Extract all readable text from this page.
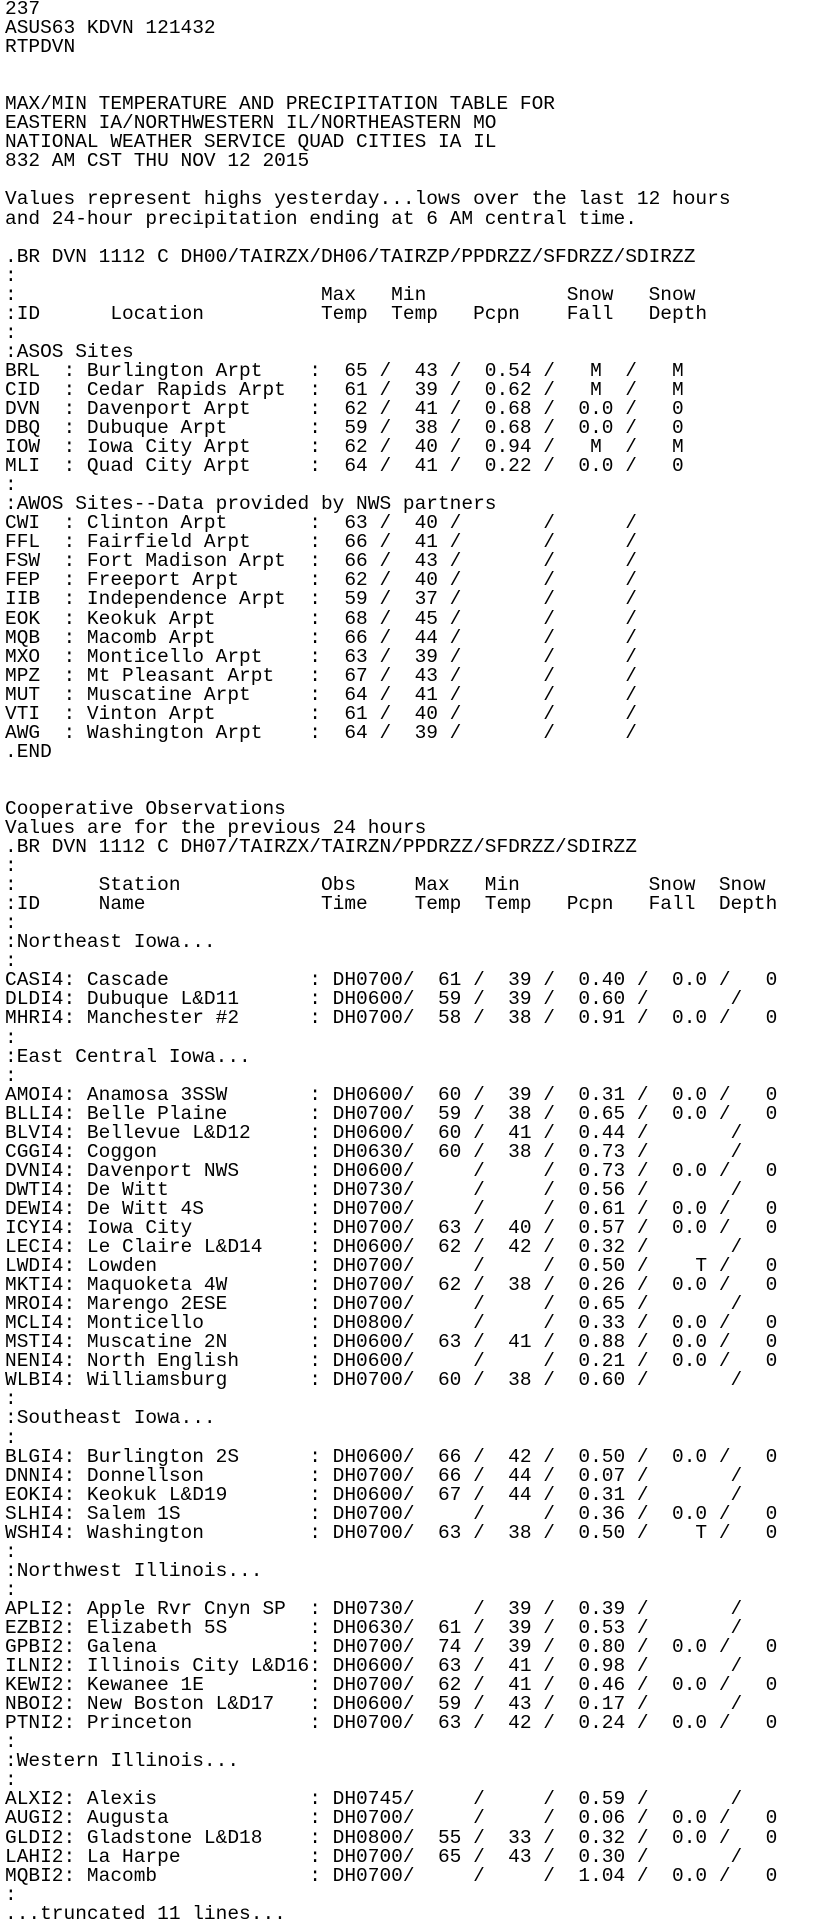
237
ASUS63 KDVN 121432
RTPDVN
MAX/MIN TEMPERATURE AND PRECIPITATION TABLE FOR
EASTERN IA/NORTHWESTERN IL/NORTHEASTERN MO
NATIONAL WEATHER SERVICE QUAD CITIES IA IL
832 AM CST THU NOV 12 2015
Values represent highs yesterday...lows over the last 12 hours
and 24-hour precipitation ending at 6 AM central time.
.BR DVN 1112 C DH00/TAIRZX/DH06/TAIRZP/PPDRZZ/SFDRZZ/SDIRZZ
:
:                          Max   Min            Snow   Snow
:ID      Location          Temp  Temp   Pcpn    Fall   Depth
:
:ASOS Sites
BRL  : Burlington Arpt    :  65 /  43 /  0.54 /   M  /   M
CID  : Cedar Rapids Arpt  :  61 /  39 /  0.62 /   M  /   M
DVN  : Davenport Arpt     :  62 /  41 /  0.68 /  0.0 /   0
DBQ  : Dubuque Arpt       :  59 /  38 /  0.68 /  0.0 /   0
IOW  : Iowa City Arpt     :  62 /  40 /  0.94 /   M  /   M
MLI  : Quad City Arpt     :  64 /  41 /  0.22 /  0.0 /   0
:
:AWOS Sites--Data provided by NWS partners
CWI  : Clinton Arpt       :  63 /  40 /       /      /
FFL  : Fairfield Arpt     :  66 /  41 /       /      /
FSW  : Fort Madison Arpt  :  66 /  43 /       /      /
FEP  : Freeport Arpt      :  62 /  40 /       /      /
IIB  : Independence Arpt  :  59 /  37 /       /      /
EOK  : Keokuk Arpt        :  68 /  45 /       /      /
MQB  : Macomb Arpt        :  66 /  44 /       /      /
MXO  : Monticello Arpt    :  63 /  39 /       /      /
MPZ  : Mt Pleasant Arpt   :  67 /  43 /       /      /
MUT  : Muscatine Arpt     :  64 /  41 /       /      /
VTI  : Vinton Arpt        :  61 /  40 /       /      /
AWG  : Washington Arpt    :  64 /  39 /       /      /
.END
Cooperative Observations
Values are for the previous 24 hours
.BR DVN 1112 C DH07/TAIRZX/TAIRZN/PPDRZZ/SFDRZZ/SDIRZZ
:
:       Station            Obs     Max   Min           Snow  Snow
:ID     Name               Time    Temp  Temp   Pcpn   Fall  Depth
:
:Northeast Iowa...
:
CASI4: Cascade            : DH0700/  61 /  39 /  0.40 /  0.0 /   0
DLDI4: Dubuque L&D11      : DH0600/  59 /  39 /  0.60 /       /
MHRI4: Manchester #2      : DH0700/  58 /  38 /  0.91 /  0.0 /   0
:
:East Central Iowa...
:
AMOI4: Anamosa 3SSW       : DH0600/  60 /  39 /  0.31 /  0.0 /   0
BLLI4: Belle Plaine       : DH0700/  59 /  38 /  0.65 /  0.0 /   0
BLVI4: Bellevue L&D12     : DH0600/  60 /  41 /  0.44 /       /
CGGI4: Coggon             : DH0630/  60 /  38 /  0.73 /       /
DVNI4: Davenport NWS      : DH0600/     /     /  0.73 /  0.0 /   0
DWTI4: De Witt            : DH0730/     /     /  0.56 /       /
DEWI4: De Witt 4S         : DH0700/     /     /  0.61 /  0.0 /   0
ICYI4: Iowa City          : DH0700/  63 /  40 /  0.57 /  0.0 /   0
LECI4: Le Claire L&D14    : DH0600/  62 /  42 /  0.32 /       /
LWDI4: Lowden             : DH0700/     /     /  0.50 /    T /   0
MKTI4: Maquoketa 4W       : DH0700/  62 /  38 /  0.26 /  0.0 /   0
MROI4: Marengo 2ESE       : DH0700/     /     /  0.65 /       /
MCLI4: Monticello         : DH0800/     /     /  0.33 /  0.0 /   0
MSTI4: Muscatine 2N       : DH0600/  63 /  41 /  0.88 /  0.0 /   0
NENI4: North English      : DH0600/     /     /  0.21 /  0.0 /   0
WLBI4: Williamsburg       : DH0700/  60 /  38 /  0.60 /       /
:
:Southeast Iowa...
:
BLGI4: Burlington 2S      : DH0600/  66 /  42 /  0.50 /  0.0 /   0
DNNI4: Donnellson         : DH0700/  66 /  44 /  0.07 /       /
EOKI4: Keokuk L&D19       : DH0600/  67 /  44 /  0.31 /       /
SLHI4: Salem 1S           : DH0700/     /     /  0.36 /  0.0 /   0
WSHI4: Washington         : DH0700/  63 /  38 /  0.50 /    T /   0
:
:Northwest Illinois...
:
APLI2: Apple Rvr Cnyn SP  : DH0730/     /  39 /  0.39 /       /
EZBI2: Elizabeth 5S       : DH0630/  61 /  39 /  0.53 /       /
GPBI2: Galena             : DH0700/  74 /  39 /  0.80 /  0.0 /   0
ILNI2: Illinois City L&D16: DH0600/  63 /  41 /  0.98 /       /
KEWI2: Kewanee 1E         : DH0700/  62 /  41 /  0.46 /  0.0 /   0
NBOI2: New Boston L&D17   : DH0600/  59 /  43 /  0.17 /       /
PTNI2: Princeton          : DH0700/  63 /  42 /  0.24 /  0.0 /   0
:
:Western Illinois...
:
ALXI2: Alexis             : DH0745/     /     /  0.59 /       /
AUGI2: Augusta            : DH0700/     /     /  0.06 /  0.0 /   0
GLDI2: Gladstone L&D18    : DH0800/  55 /  33 /  0.32 /  0.0 /   0
LAHI2: La Harpe           : DH0700/  65 /  43 /  0.30 /       /
MQBI2: Macomb             : DH0700/     /     /  1.04 /  0.0 /   0
:
...truncated 11 lines...
